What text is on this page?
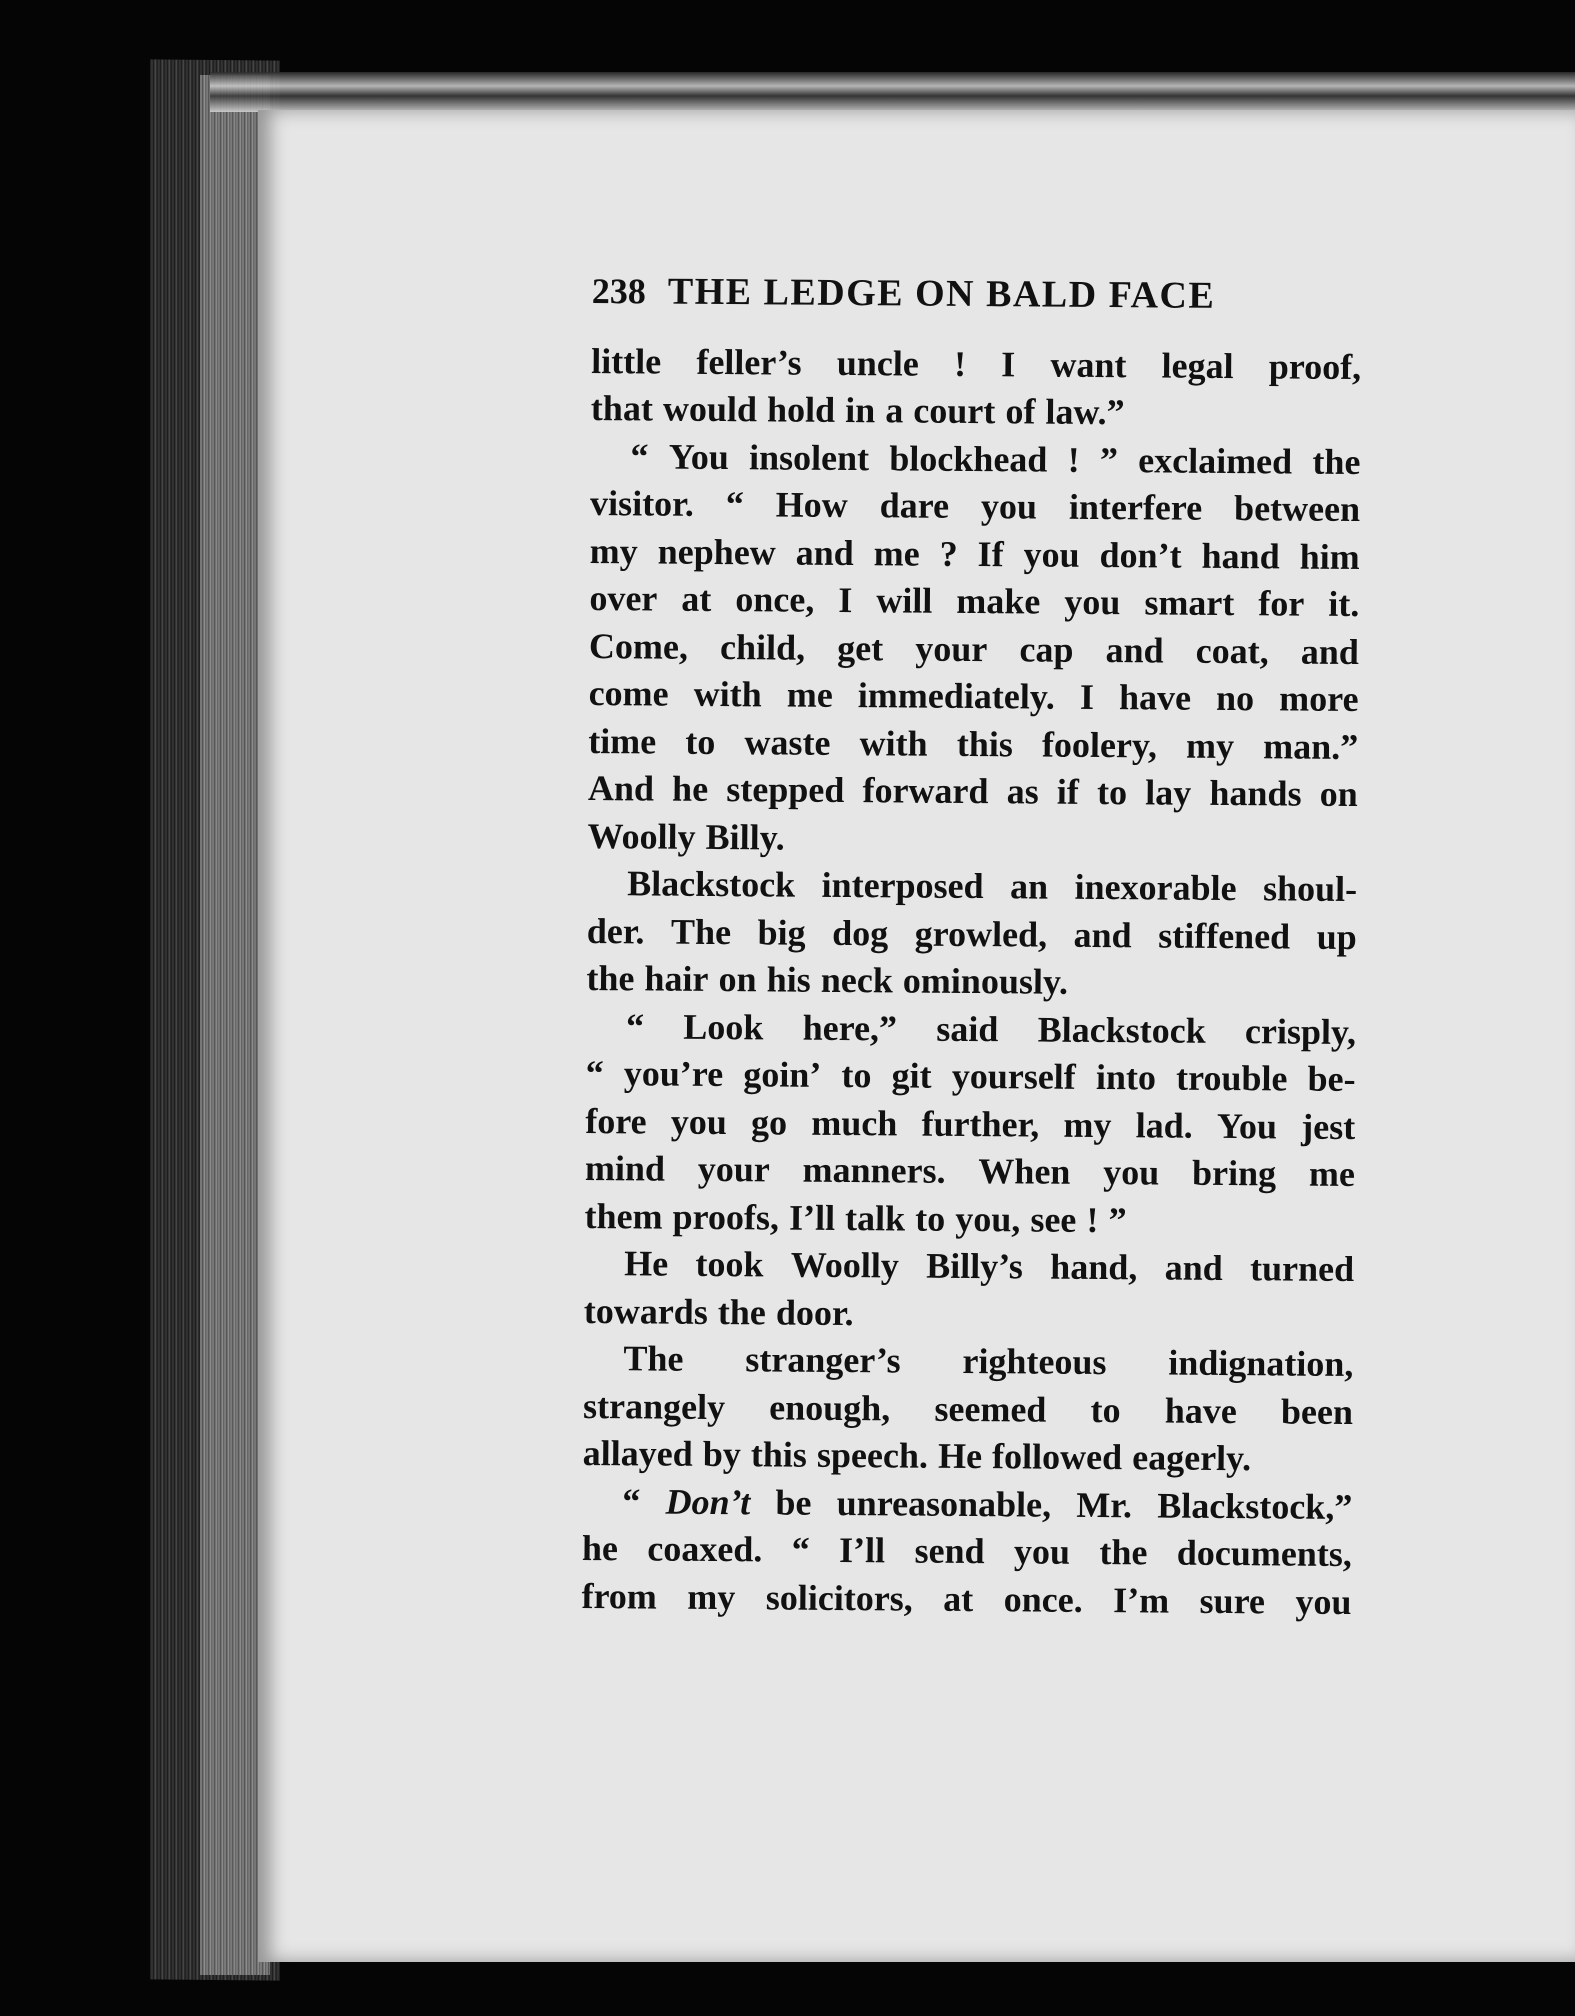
238 THE LEDGE ON BALD FACE
little feller’s uncle ! I want legal proof,
that would hold in a court of law.”
“ You insolent blockhead ! ” exclaimed the
visitor. “ How dare you interfere between
my nephew and me ? If you don’t hand him
over at once, I will make you smart for it.
Come, child, get your cap and coat, and
come with me immediately. I have no more
time to waste with this foolery, my man.”
And he stepped forward as if to lay hands on
Woolly Billy.
Blackstock interposed an inexorable shoul-
der. The big dog growled, and stiffened up
the hair on his neck ominously.
“ Look here,” said Blackstock crisply,
“ you’re goin’ to git yourself into trouble be-
fore you go much further, my lad. You jest
mind your manners. When you bring me
them proofs, I’ll talk to you, see ! ”
He took Woolly Billy’s hand, and turned
towards the door.
The stranger’s righteous indignation,
strangely enough, seemed to have been
allayed by this speech. He followed eagerly.
“ Don’t be unreasonable, Mr. Blackstock,”
he coaxed. “ I’ll send you the documents,
from my solicitors, at once. I’m sure you
